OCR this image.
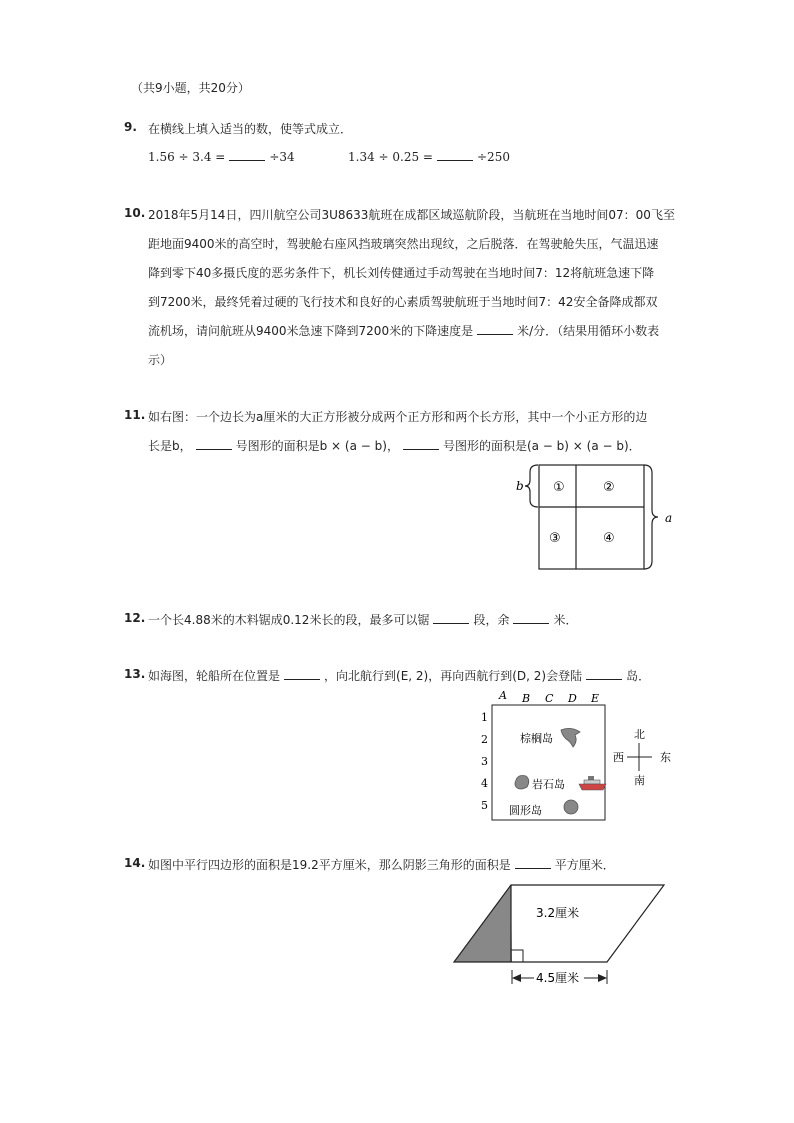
（共9小题，共20分）
9. 在横线上填入适当的数，使等式成立．
1.56 ÷ 3.4 =	÷34	1.34 ÷ 0.25 =	÷250
10. 2018年5月14日，四川航空公司3U8633航班在成都区域巡航阶段，当航班在当地时间07：00飞至
距地面9400米的高空时，驾驶舱右座风挡玻璃突然出现纹，之后脱落．在驾驶舱失压，气温迅速
降到零下40多摄氏度的恶劣条件下，机长刘传健通过手动驾驶在当地时间7：12将航班急速下降
到7200米，最终凭着过硬的飞行技术和良好的心素质驾驶航班于当地时间7：42安全备降成都双
流机场，请问航班从9400米急速下降到7200米的下降速度是	米/分．（结果用循环小数表
示）
11. 如右图：一个边长为a厘米的大正方形被分成两个正方形和两个长方形，其中一个小正方形的边
长是b，	号图形的面积是b × (a − b)，	号图形的面积是(a − b) × (a − b)．
b
a
①	②
③	④
12. 一个长4.88米的木料锯成0.12米长的段，最多可以锯	段，余	米．
13. 如海图，轮船所在位置是	，向北航行到(E, 2)，再向西航行到(D, 2)会登陆	岛．
A B C D E
1
2
3
4
5
棕榈岛
岩石岛
圆形岛
北
南
西	东
14. 如图中平行四边形的面积是19.2平方厘米，那么阴影三角形的面积是	平方厘米．
3.2厘米
4.5厘米
